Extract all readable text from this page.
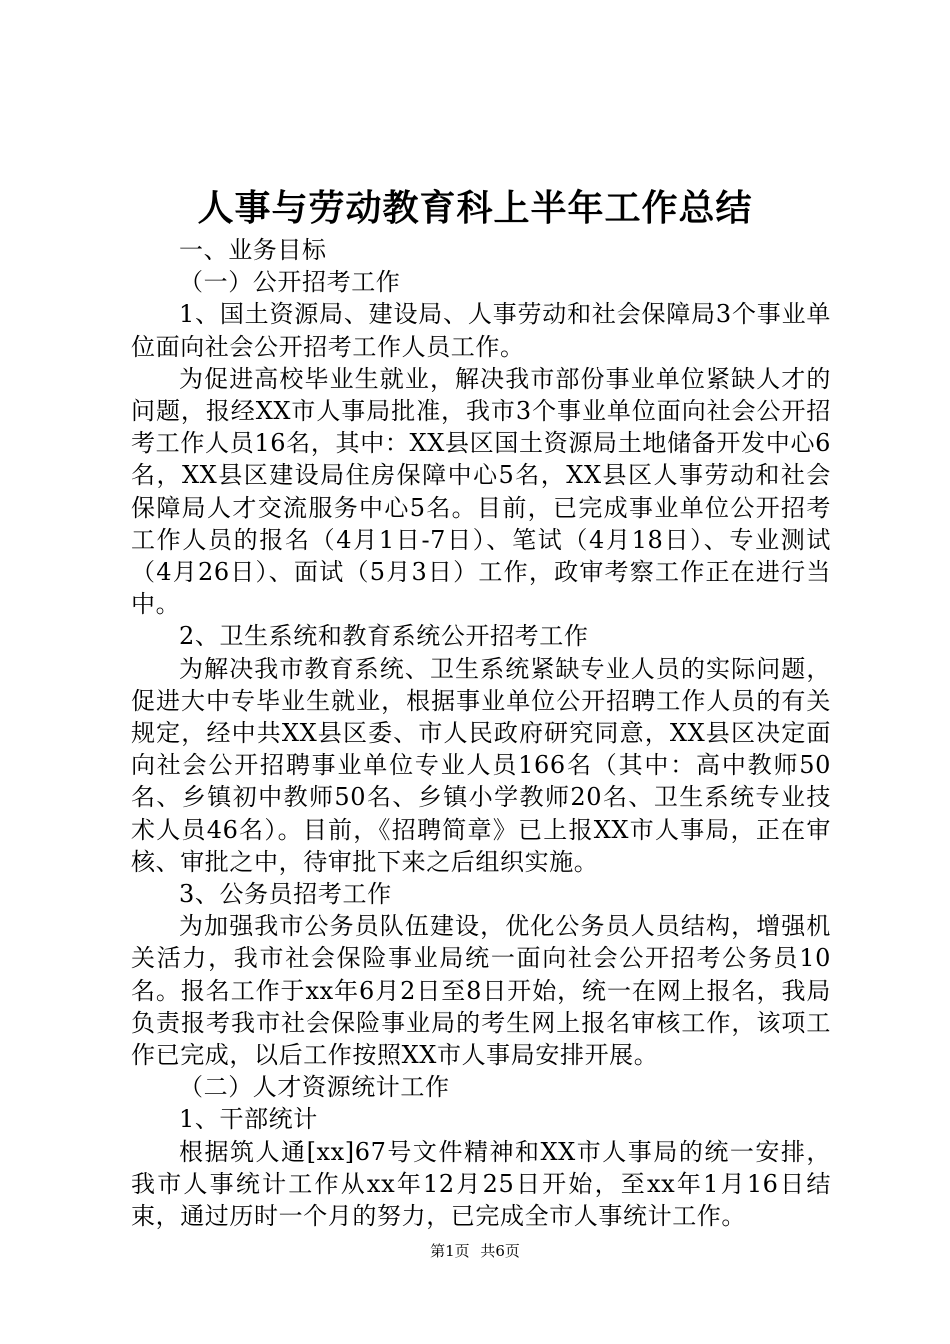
人事与劳动教育科上半年工作总结

一、业务目标

（一）公开招考工作

1、国土资源局、建设局、人事劳动和社会保障局3个事业单位面向社会公开招考工作人员工作。

为促进高校毕业生就业，解决我市部份事业单位紧缺人才的问题，报经XX市人事局批准，我市3个事业单位面向社会公开招考工作人员16名，其中：XX县区国土资源局土地储备开发中心6名，XX县区建设局住房保障中心5名，XX县区人事劳动和社会保障局人才交流服务中心5名。目前，已完成事业单位公开招考工作人员的报名（4月1日-7日）、笔试（4月18日）、专业测试（4月26日）、面试（5月3日）工作，政审考察工作正在进行当中。

2、卫生系统和教育系统公开招考工作

为解决我市教育系统、卫生系统紧缺专业人员的实际问题，促进大中专毕业生就业，根据事业单位公开招聘工作人员的有关规定，经中共XX县区委、市人民政府研究同意，XX县区决定面向社会公开招聘事业单位专业人员166名（其中：高中教师50名、乡镇初中教师50名、乡镇小学教师20名、卫生系统专业技术人员46名）。目前，《招聘简章》已上报XX市人事局，正在审核、审批之中，待审批下来之后组织实施。

3、公务员招考工作

为加强我市公务员队伍建设，优化公务员人员结构，增强机关活力，我市社会保险事业局统一面向社会公开招考公务员10名。报名工作于xx年6月2日至8日开始，统一在网上报名，我局负责报考我市社会保险事业局的考生网上报名审核工作，该项工作已完成，以后工作按照XX市人事局安排开展。

（二）人才资源统计工作

1、干部统计

根据筑人通[xx]67号文件精神和XX市人事局的统一安排，我市人事统计工作从xx年12月25日开始，至xx年1月16日结束，通过历时一个月的努力，已完成全市人事统计工作。

第1页 共6页
